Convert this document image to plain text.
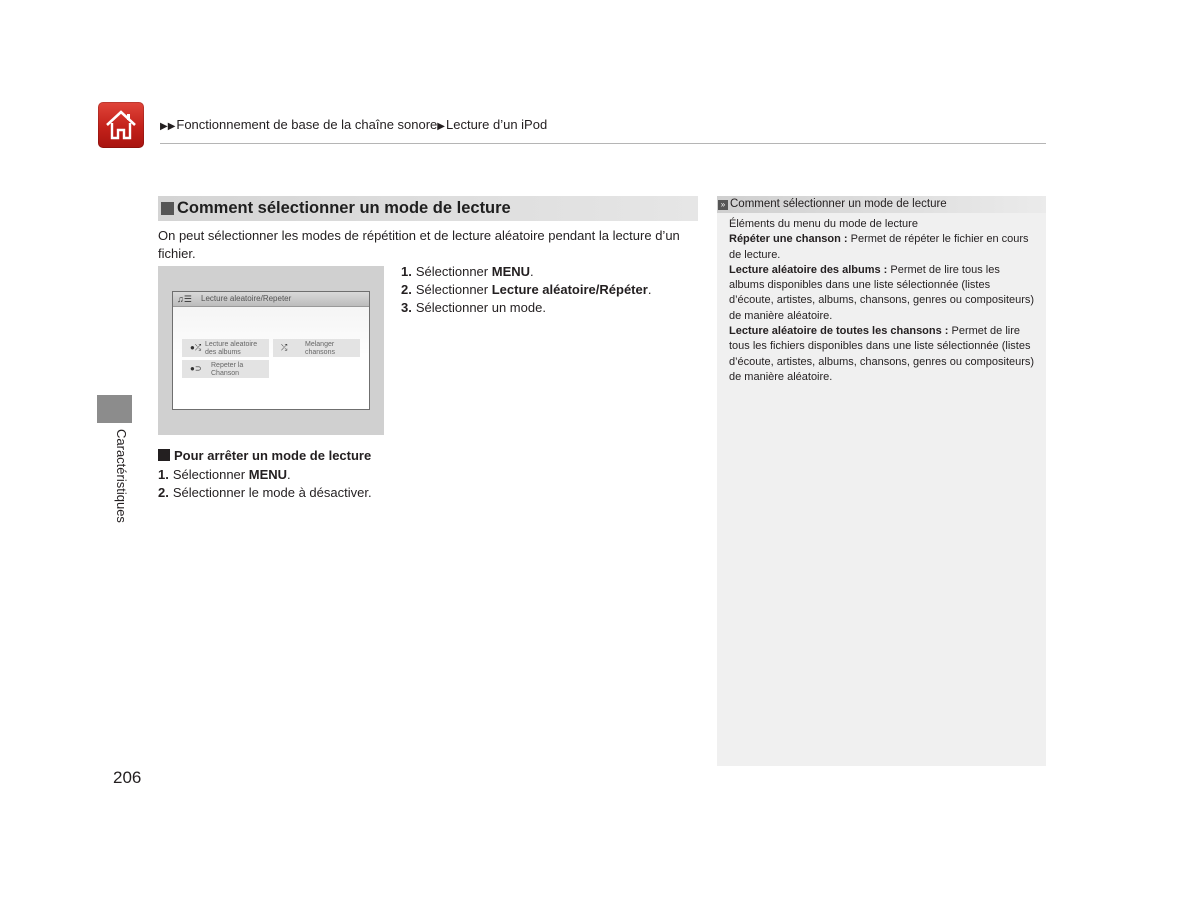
▶▶Fonctionnement de base de la chaîne sonore▶Lecture d’un iPod
Caractéristiques
Comment sélectionner un mode de lecture
On peut sélectionner les modes de répétition et de lecture aléatoire pendant la lecture d’un fichier.
♫☰ Lecture aleatoire/Repeter
●⤮ Lecture aleatoire
des albums	⤮	Melanger
chansons
●⊃ Repeter la
Chanson
1. Sélectionner MENU.
2. Sélectionner Lecture aléatoire/Répéter.
3. Sélectionner un mode.
Pour arrêter un mode de lecture
1. Sélectionner MENU.
2. Sélectionner le mode à désactiver.
» Comment sélectionner un mode de lecture

Éléments du menu du mode de lecture

Répéter une chanson : Permet de répéter le fichier en cours de lecture.

Lecture aléatoire des albums : Permet de lire tous les albums disponibles dans une liste sélectionnée (listes d’écoute, artistes, albums, chansons, genres ou compositeurs) de manière aléatoire.

Lecture aléatoire de toutes les chansons : Permet de lire tous les fichiers disponibles dans une liste sélectionnée (listes d’écoute, artistes, albums, chansons, genres ou compositeurs) de manière aléatoire.

206
